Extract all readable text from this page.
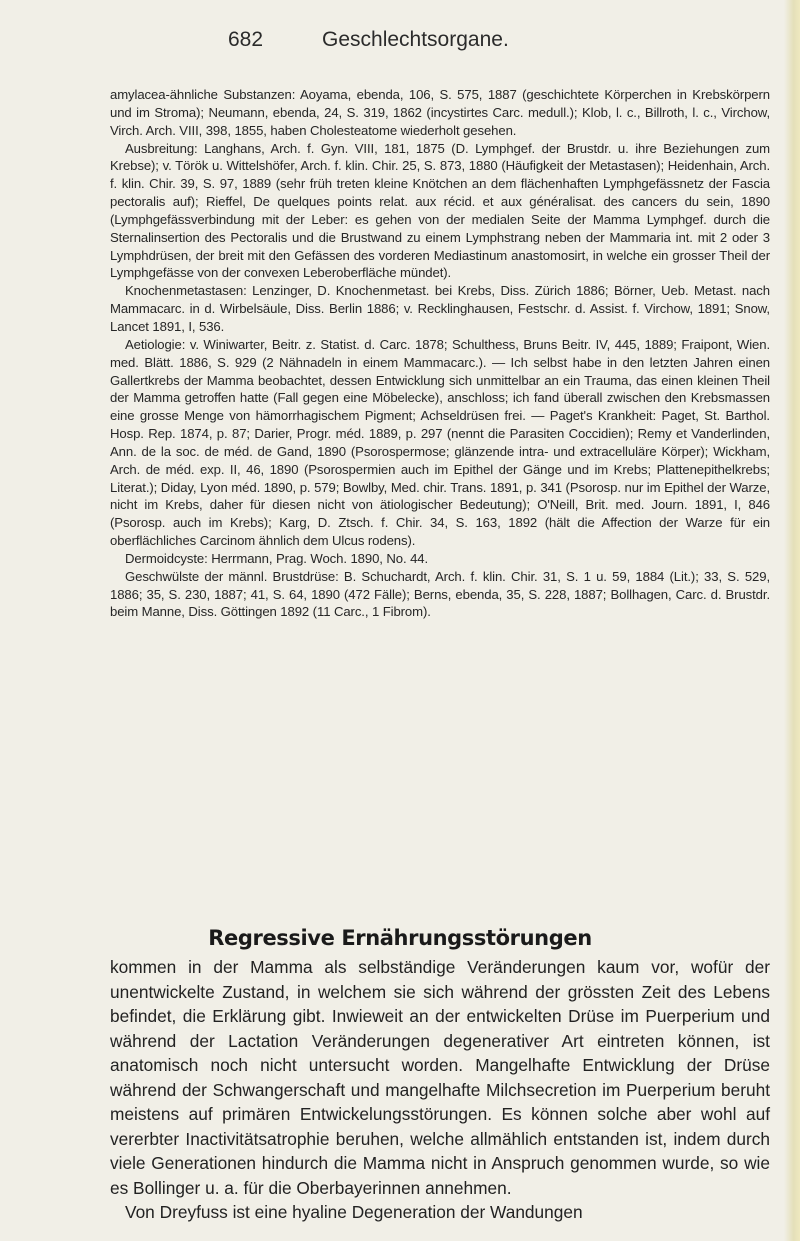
682	Geschlechtsorgane.

amylacea-ähnliche Substanzen: Aoyama, ebenda, 106, S. 575, 1887 (geschichtete Körperchen in Krebskörpern und im Stroma); Neumann, ebenda, 24, S. 319, 1862 (incystirtes Carc. medull.); Klob, l. c., Billroth, l. c., Virchow, Virch. Arch. VIII, 398, 1855, haben Cholesteatome wiederholt gesehen.

Ausbreitung: Langhans, Arch. f. Gyn. VIII, 181, 1875 (D. Lymphgef. der Brustdr. u. ihre Beziehungen zum Krebse); v. Török u. Wittelshöfer, Arch. f. klin. Chir. 25, S. 873, 1880 (Häufigkeit der Metastasen); Heidenhain, Arch. f. klin. Chir. 39, S. 97, 1889 (sehr früh treten kleine Knötchen an dem flächenhaften Lymphgefässnetz der Fascia pectoralis auf); Rieffel, De quelques points relat. aux récid. et aux généralisat. des cancers du sein, 1890 (Lymphgefässverbindung mit der Leber: es gehen von der medialen Seite der Mamma Lymphgef. durch die Sternalinsertion des Pectoralis und die Brustwand zu einem Lymphstrang neben der Mammaria int. mit 2 oder 3 Lymphdrüsen, der breit mit den Gefässen des vorderen Mediastinum anastomosirt, in welche ein grosser Theil der Lymphgefässe von der convexen Leberoberfläche mündet).

Knochenmetastasen: Lenzinger, D. Knochenmetast. bei Krebs, Diss. Zürich 1886; Börner, Ueb. Metast. nach Mammacarc. in d. Wirbelsäule, Diss. Berlin 1886; v. Recklinghausen, Festschr. d. Assist. f. Virchow, 1891; Snow, Lancet 1891, I, 536.

Aetiologie: v. Winiwarter, Beitr. z. Statist. d. Carc. 1878; Schulthess, Bruns Beitr. IV, 445, 1889; Fraipont, Wien. med. Blätt. 1886, S. 929 (2 Nähnadeln in einem Mammacarc.). — Ich selbst habe in den letzten Jahren einen Gallertkrebs der Mamma beobachtet, dessen Entwicklung sich unmittelbar an ein Trauma, das einen kleinen Theil der Mamma getroffen hatte (Fall gegen eine Möbelecke), anschloss; ich fand überall zwischen den Krebsmassen eine grosse Menge von hämorrhagischem Pigment; Achseldrüsen frei. — Paget's Krankheit: Paget, St. Barthol. Hosp. Rep. 1874, p. 87; Darier, Progr. méd. 1889, p. 297 (nennt die Parasiten Coccidien); Remy et Vanderlinden, Ann. de la soc. de méd. de Gand, 1890 (Psorospermose; glänzende intra- und extracelluläre Körper); Wickham, Arch. de méd. exp. II, 46, 1890 (Psorospermien auch im Epithel der Gänge und im Krebs; Plattenepithelkrebs; Literat.); Diday, Lyon méd. 1890, p. 579; Bowlby, Med. chir. Trans. 1891, p. 341 (Psorosp. nur im Epithel der Warze, nicht im Krebs, daher für diesen nicht von ätiologischer Bedeutung); O'Neill, Brit. med. Journ. 1891, I, 846 (Psorosp. auch im Krebs); Karg, D. Ztsch. f. Chir. 34, S. 163, 1892 (hält die Affection der Warze für ein oberflächliches Carcinom ähnlich dem Ulcus rodens).

Dermoidcyste: Herrmann, Prag. Woch. 1890, No. 44.

Geschwülste der männl. Brustdrüse: B. Schuchardt, Arch. f. klin. Chir. 31, S. 1 u. 59, 1884 (Lit.); 33, S. 529, 1886; 35, S. 230, 1887; 41, S. 64, 1890 (472 Fälle); Berns, ebenda, 35, S. 228, 1887; Bollhagen, Carc. d. Brustdr. beim Manne, Diss. Göttingen 1892 (11 Carc., 1 Fibrom).

Regressive Ernährungsstörungen

kommen in der Mamma als selbständige Veränderungen kaum vor, wofür der unentwickelte Zustand, in welchem sie sich während der grössten Zeit des Lebens befindet, die Erklärung gibt. Inwieweit an der entwickelten Drüse im Puerperium und während der Lactation Veränderungen degenerativer Art eintreten können, ist anatomisch noch nicht untersucht worden. Mangelhafte Entwicklung der Drüse während der Schwangerschaft und mangelhafte Milchsecretion im Puerperium beruht meistens auf primären Entwickelungsstörungen. Es können solche aber wohl auf vererbter Inactivitätsatrophie beruhen, welche allmählich entstanden ist, indem durch viele Generationen hindurch die Mamma nicht in Anspruch genommen wurde, so wie es Bollinger u. a. für die Oberbayerinnen annehmen.

Von Dreyfuss ist eine hyaline Degeneration der Wandungen
